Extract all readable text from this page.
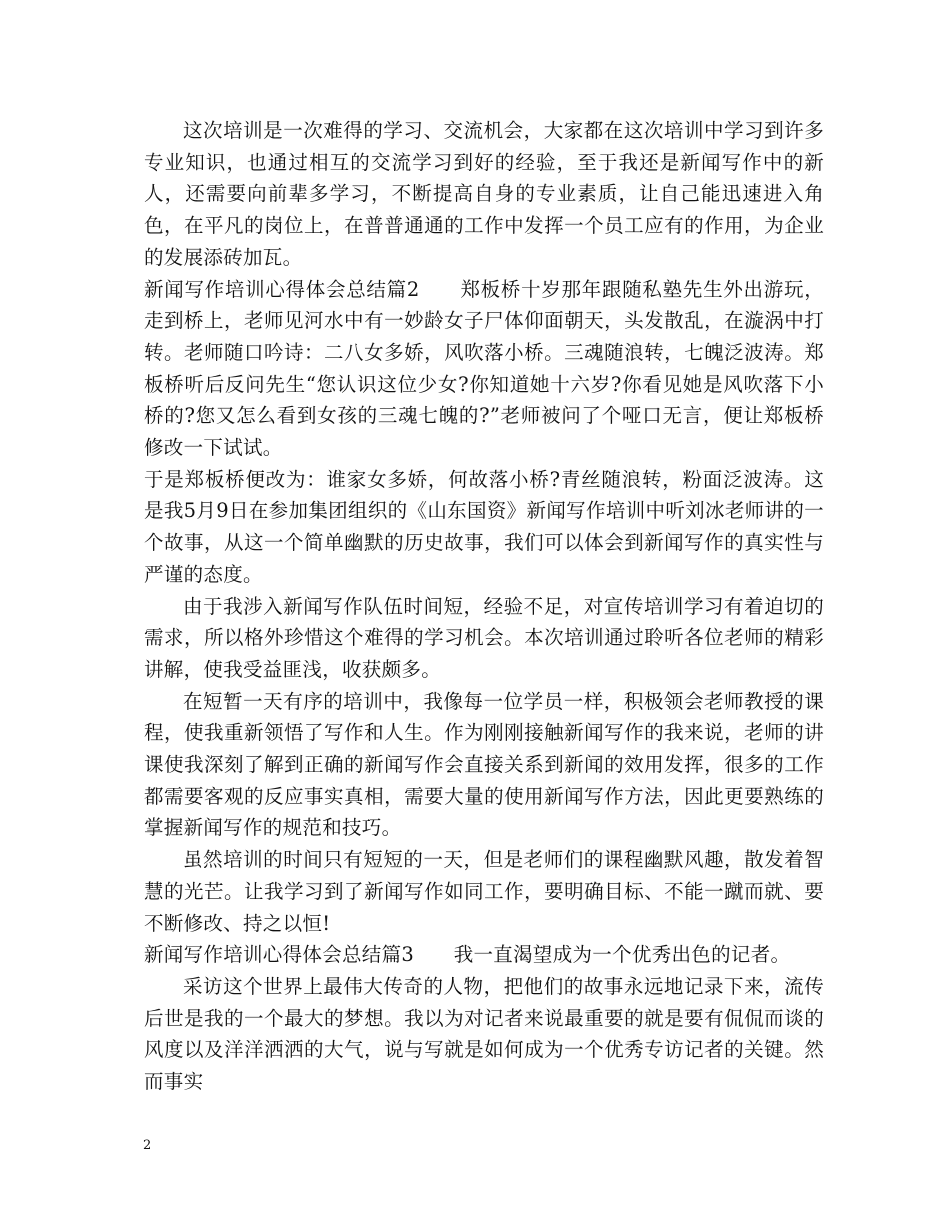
这次培训是一次难得的学习、交流机会，大家都在这次培训中学习到许多专业知识，也通过相互的交流学习到好的经验，至于我还是新闻写作中的新人，还需要向前辈多学习，不断提高自身的专业素质，让自己能迅速进入角色，在平凡的岗位上，在普普通通的工作中发挥一个员工应有的作用，为企业的发展添砖加瓦。

新闻写作培训心得体会总结篇2　　郑板桥十岁那年跟随私塾先生外出游玩，走到桥上，老师见河水中有一妙龄女子尸体仰面朝天，头发散乱，在漩涡中打转。老师随口吟诗：二八女多娇，风吹落小桥。三魂随浪转，七魄泛波涛。郑板桥听后反问先生“您认识这位少女?你知道她十六岁?你看见她是风吹落下小桥的?您又怎么看到女孩的三魂七魄的?”老师被问了个哑口无言，便让郑板桥修改一下试试。

于是郑板桥便改为：谁家女多娇，何故落小桥?青丝随浪转，粉面泛波涛。这是我5月9日在参加集团组织的《山东国资》新闻写作培训中听刘冰老师讲的一个故事，从这一个简单幽默的历史故事，我们可以体会到新闻写作的真实性与严谨的态度。

由于我涉入新闻写作队伍时间短，经验不足，对宣传培训学习有着迫切的需求，所以格外珍惜这个难得的学习机会。本次培训通过聆听各位老师的精彩讲解，使我受益匪浅，收获颇多。

在短暂一天有序的培训中，我像每一位学员一样，积极领会老师教授的课程，使我重新领悟了写作和人生。作为刚刚接触新闻写作的我来说，老师的讲课使我深刻了解到正确的新闻写作会直接关系到新闻的效用发挥，很多的工作都需要客观的反应事实真相，需要大量的使用新闻写作方法，因此更要熟练的掌握新闻写作的规范和技巧。

虽然培训的时间只有短短的一天，但是老师们的课程幽默风趣，散发着智慧的光芒。让我学习到了新闻写作如同工作，要明确目标、不能一蹴而就、要不断修改、持之以恒!

新闻写作培训心得体会总结篇3　　我一直渴望成为一个优秀出色的记者。

采访这个世界上最伟大传奇的人物，把他们的故事永远地记录下来，流传后世是我的一个最大的梦想。我以为对记者来说最重要的就是要有侃侃而谈的风度以及洋洋洒洒的大气，说与写就是如何成为一个优秀专访记者的关键。然而事实

2
